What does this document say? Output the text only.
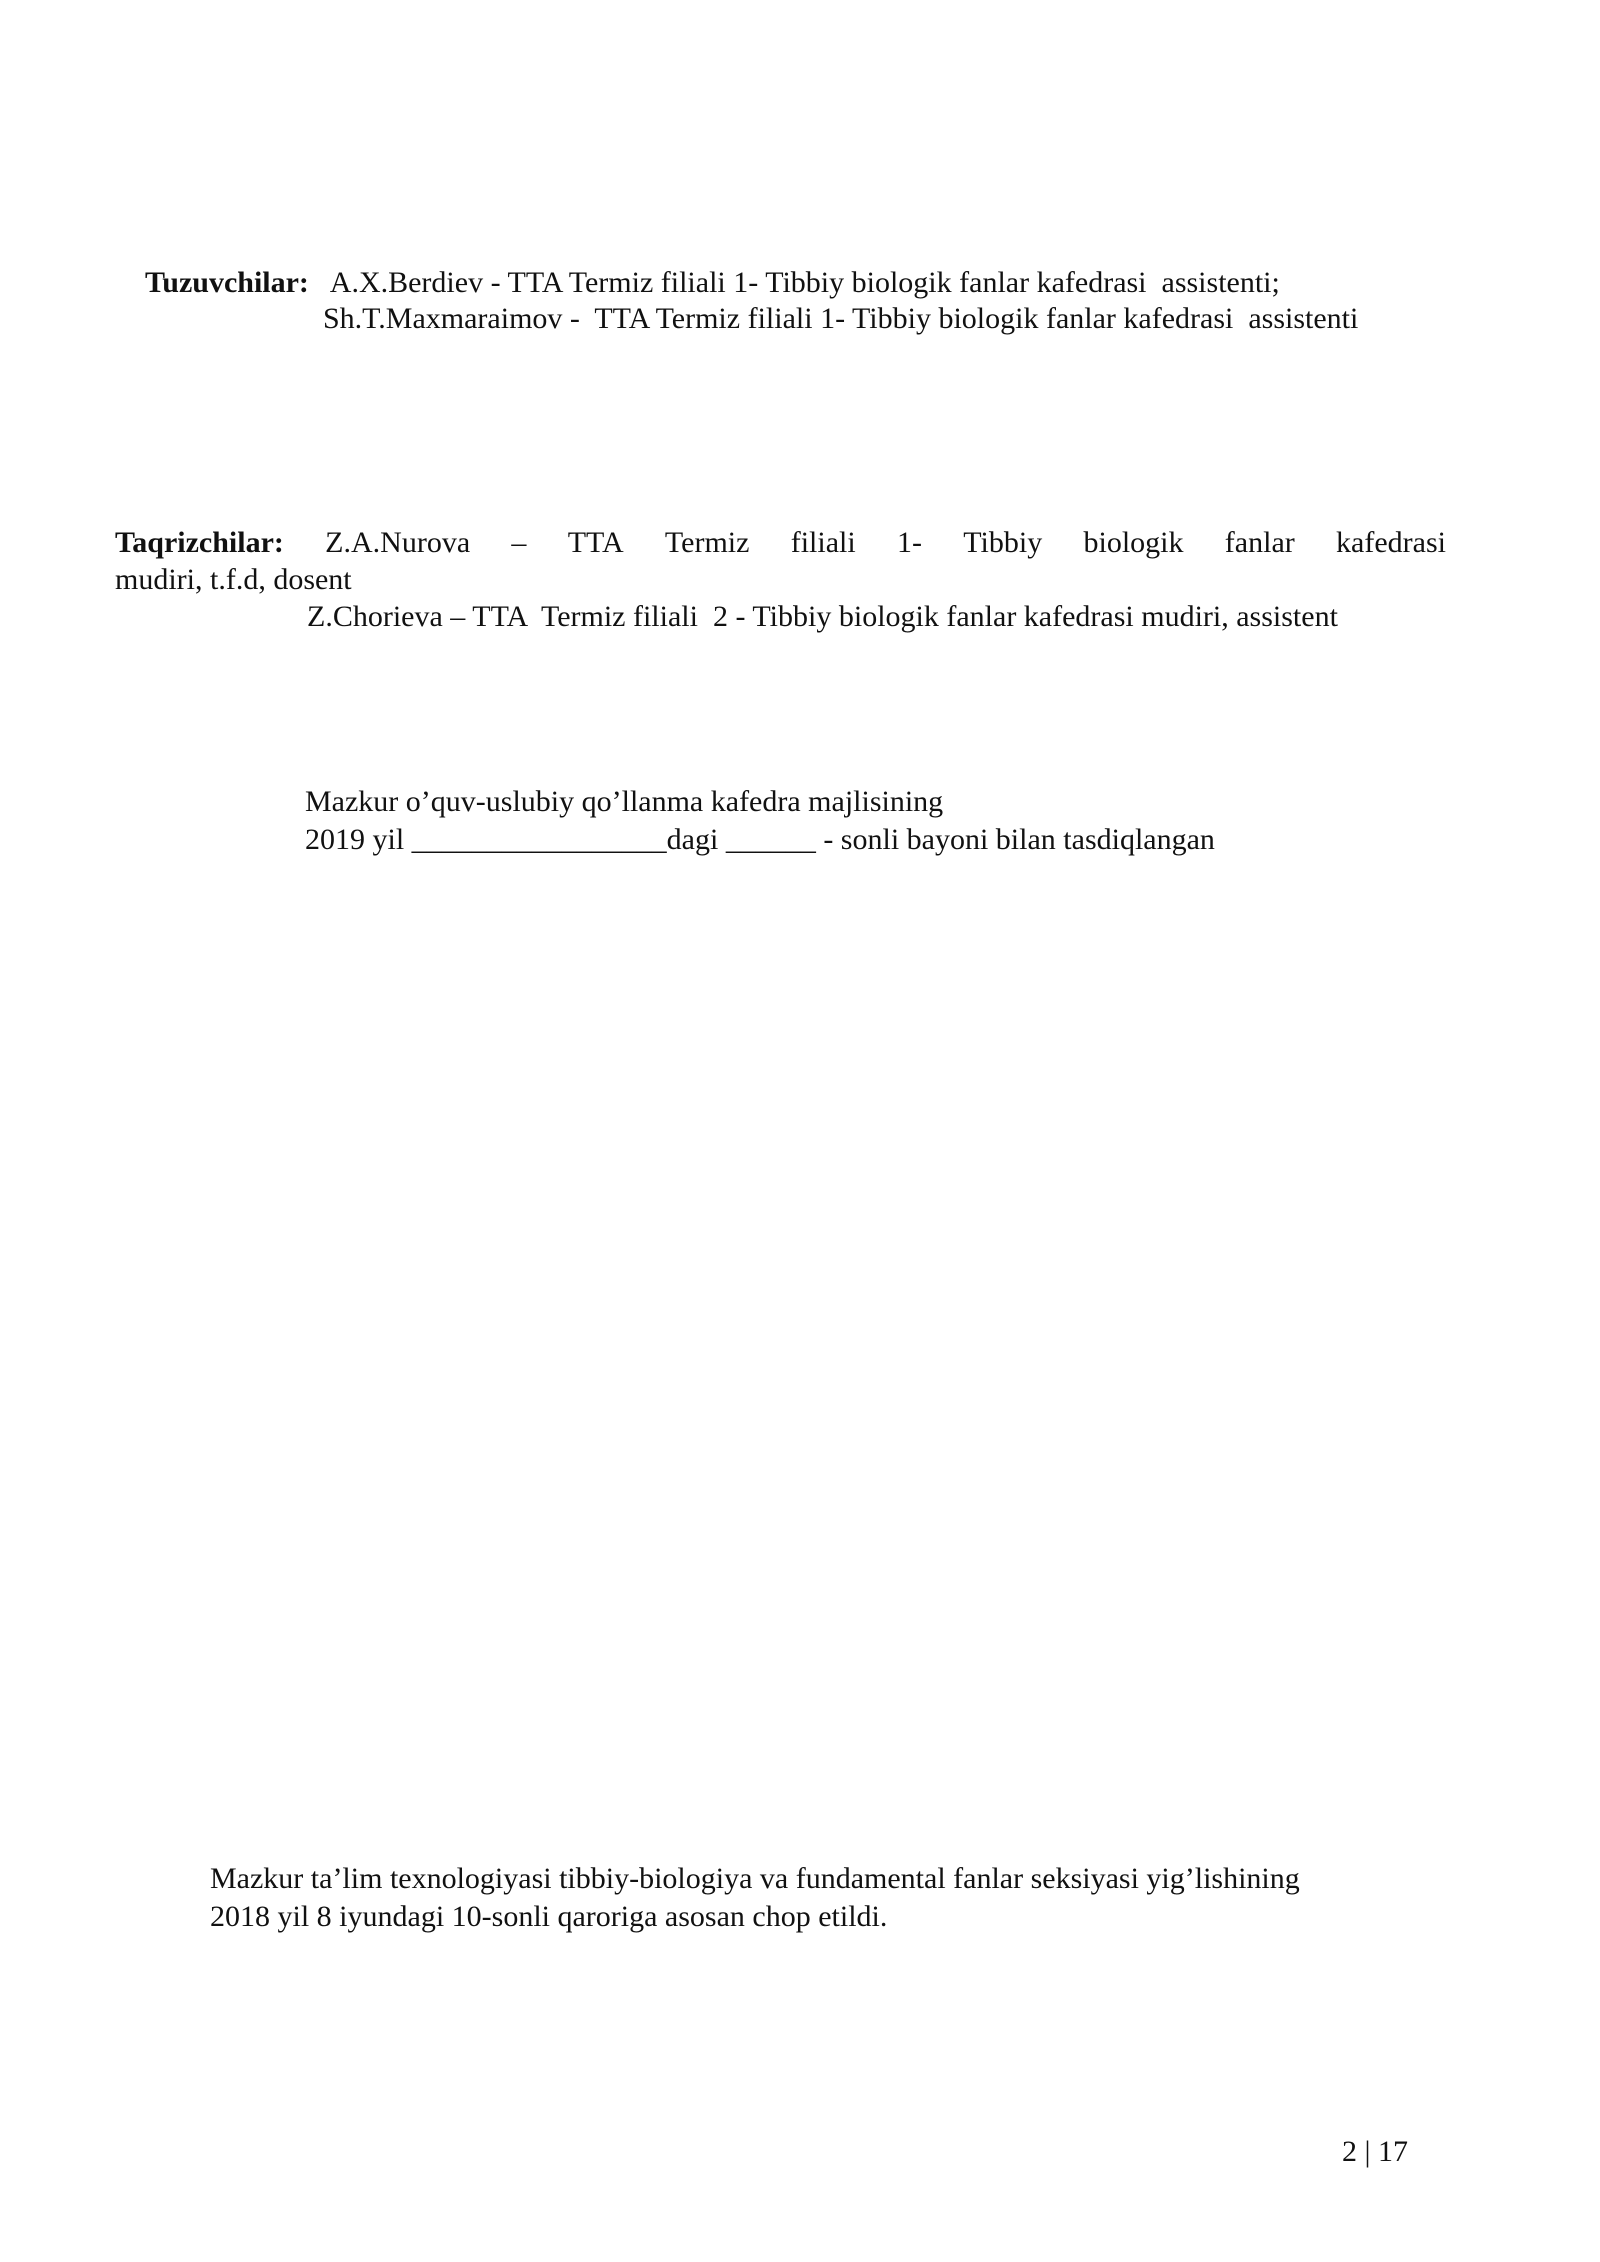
Tuzuvchilar: A.X.Berdiev - TTA Termiz filiali 1- Tibbiy biologik fanlar kafedrasi  assistenti;

Sh.T.Maxmaraimov -  TTA Termiz filiali 1- Tibbiy biologik fanlar kafedrasi  assistenti
Taqrizchilar: Z.A.Nurova – TTA Termiz filiali 1- Tibbiy biologik fanlar kafedrasi
mudiri, t.f.d, dosent
Z.Chorieva – TTA  Termiz filiali  2 - Tibbiy biologik fanlar kafedrasi mudiri, assistent
Mazkur o’quv-uslubiy qo’llanma kafedra majlisining
2019 yil _________________dagi ______ - sonli bayoni bilan tasdiqlangan
Mazkur ta’lim texnologiyasi tibbiy-biologiya va fundamental fanlar seksiyasi yig’lishining
2018 yil 8 iyundagi 10-sonli qaroriga asosan chop etildi.
2 | 17
